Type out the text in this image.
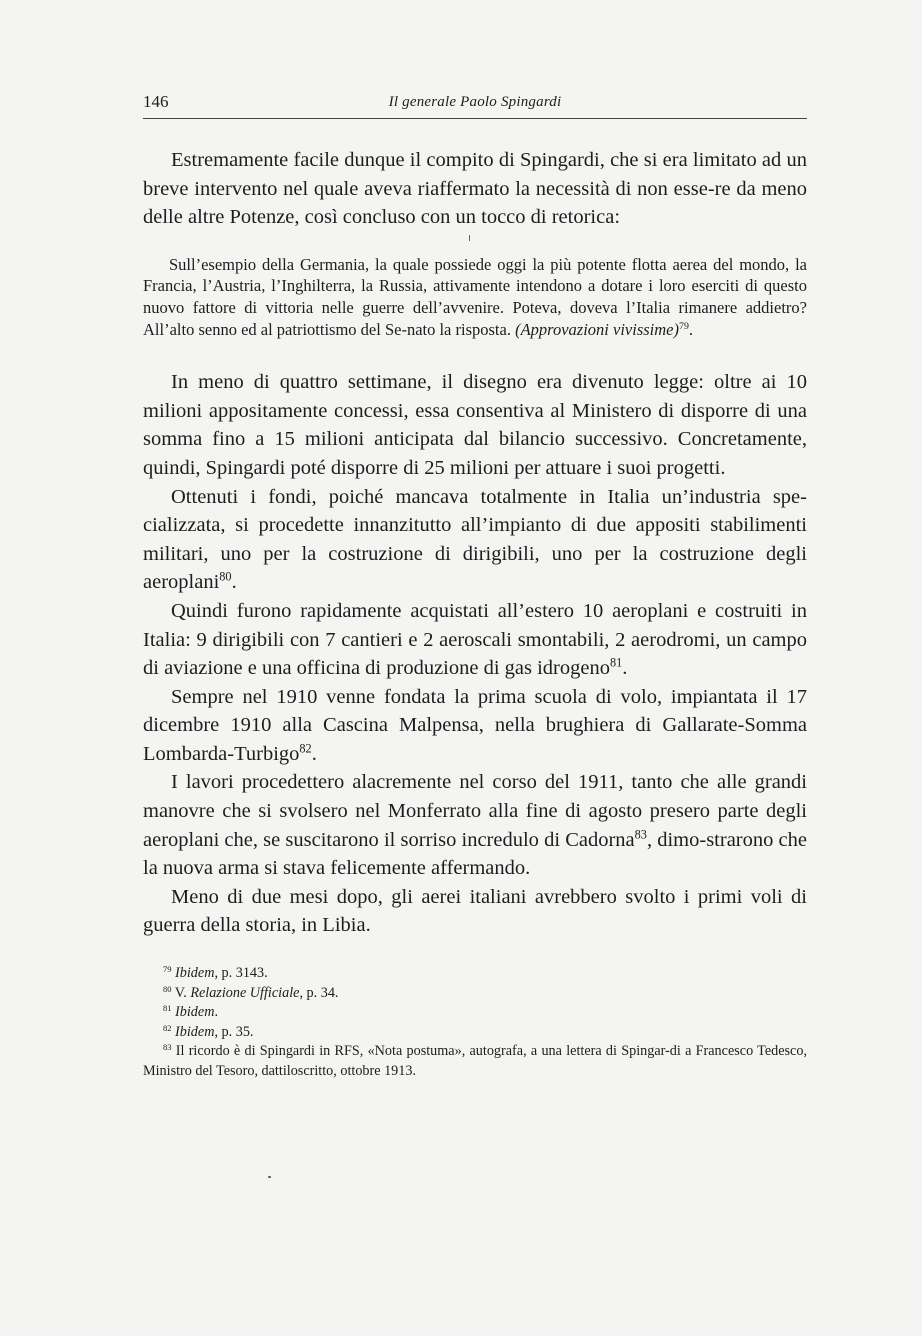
146	Il generale Paolo Spingardi

Estremamente facile dunque il compito di Spingardi, che si era limitato ad un breve intervento nel quale aveva riaffermato la necessità di non esse-re da meno delle altre Potenze, così concluso con un tocco di retorica:

Sull’esempio della Germania, la quale possiede oggi la più potente flotta aerea del mondo, la Francia, l’Austria, l’Inghilterra, la Russia, attivamente intendono a dotare i loro eserciti di questo nuovo fattore di vittoria nelle guerre dell’avvenire. Poteva, doveva l’Italia rimanere addietro? All’alto senno ed al patriottismo del Se-nato la risposta. (Approvazioni vivissime)$^{79}$.

In meno di quattro settimane, il disegno era divenuto legge: oltre ai 10 milioni appositamente concessi, essa consentiva al Ministero di disporre di una somma fino a 15 milioni anticipata dal bilancio successivo. Concretamente, quindi, Spingardi poté disporre di 25 milioni per attuare i suoi progetti.

Ottenuti i fondi, poiché mancava totalmente in Italia un’industria spe-cializzata, si procedette innanzitutto all’impianto di due appositi stabilimenti militari, uno per la costruzione di dirigibili, uno per la costruzione degli aeroplani$^{80}$.

Quindi furono rapidamente acquistati all’estero 10 aeroplani e costruiti in Italia: 9 dirigibili con 7 cantieri e 2 aeroscali smontabili, 2 aerodromi, un campo di aviazione e una officina di produzione di gas idrogeno$^{81}$.

Sempre nel 1910 venne fondata la prima scuola di volo, impiantata il 17 dicembre 1910 alla Cascina Malpensa, nella brughiera di Gallarate-Somma Lombarda-Turbigo$^{82}$.

I lavori procedettero alacremente nel corso del 1911, tanto che alle grandi manovre che si svolsero nel Monferrato alla fine di agosto presero parte degli aeroplani che, se suscitarono il sorriso incredulo di Cadorna$^{83}$, dimo-strarono che la nuova arma si stava felicemente affermando.

Meno di due mesi dopo, gli aerei italiani avrebbero svolto i primi voli di guerra della storia, in Libia.

$^{79}$ Ibidem, p. 3143.

$^{80}$ V. Relazione Ufficiale, p. 34.

$^{81}$ Ibidem.

$^{82}$ Ibidem, p. 35.

$^{83}$ Il ricordo è di Spingardi in RFS, «Nota postuma», autografa, a una lettera di Spingar-di a Francesco Tedesco, Ministro del Tesoro, dattiloscritto, ottobre 1913.
